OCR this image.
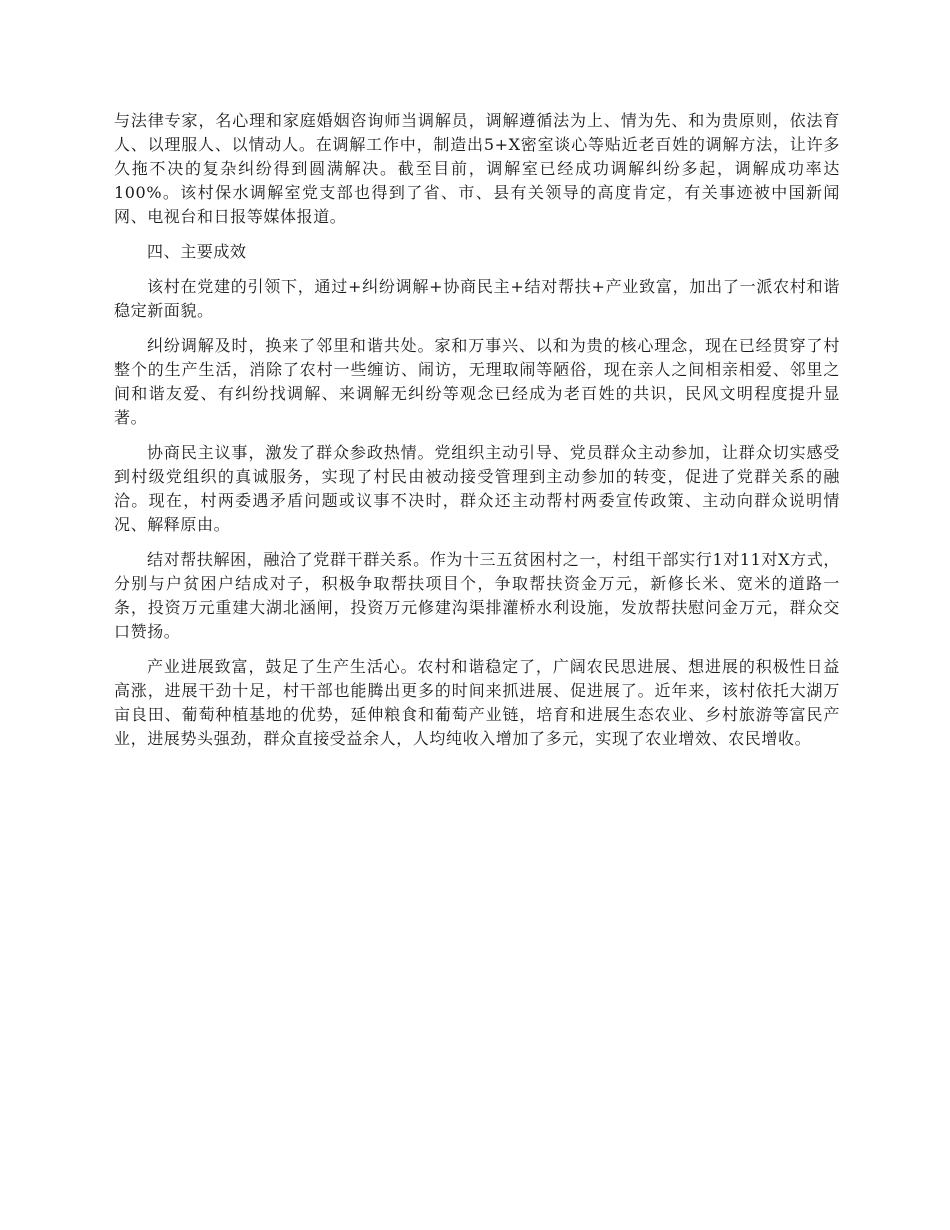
与法律专家，名心理和家庭婚姻咨询师当调解员，调解遵循法为上、情为先、和为贵原则，依法育人、以理服人、以情动人。在调解工作中，制造出5+X密室谈心等贴近老百姓的调解方法，让许多久拖不决的复杂纠纷得到圆满解决。截至目前，调解室已经成功调解纠纷多起，调解成功率达100%。该村保水调解室党支部也得到了省、市、县有关领导的高度肯定，有关事迹被中国新闻网、电视台和日报等媒体报道。

四、主要成效

该村在党建的引领下，通过+纠纷调解+协商民主+结对帮扶+产业致富，加出了一派农村和谐稳定新面貌。

纠纷调解及时，换来了邻里和谐共处。家和万事兴、以和为贵的核心理念，现在已经贯穿了村整个的生产生活，消除了农村一些缠访、闹访，无理取闹等陋俗，现在亲人之间相亲相爱、邻里之间和谐友爱、有纠纷找调解、来调解无纠纷等观念已经成为老百姓的共识，民风文明程度提升显著。

协商民主议事，激发了群众参政热情。党组织主动引导、党员群众主动参加，让群众切实感受到村级党组织的真诚服务，实现了村民由被动接受管理到主动参加的转变，促进了党群关系的融洽。现在，村两委遇矛盾问题或议事不决时，群众还主动帮村两委宣传政策、主动向群众说明情况、解释原由。

结对帮扶解困，融洽了党群干群关系。作为十三五贫困村之一，村组干部实行1对11对X方式，分别与户贫困户结成对子，积极争取帮扶项目个，争取帮扶资金万元，新修长米、宽米的道路一条，投资万元重建大湖北涵闸，投资万元修建沟渠排灌桥水利设施，发放帮扶慰问金万元，群众交口赞扬。

产业进展致富，鼓足了生产生活心。农村和谐稳定了，广阔农民思进展、想进展的积极性日益高涨，进展干劲十足，村干部也能腾出更多的时间来抓进展、促进展了。近年来，该村依托大湖万亩良田、葡萄种植基地的优势，延伸粮食和葡萄产业链，培育和进展生态农业、乡村旅游等富民产业，进展势头强劲，群众直接受益余人，人均纯收入增加了多元，实现了农业增效、农民增收。
